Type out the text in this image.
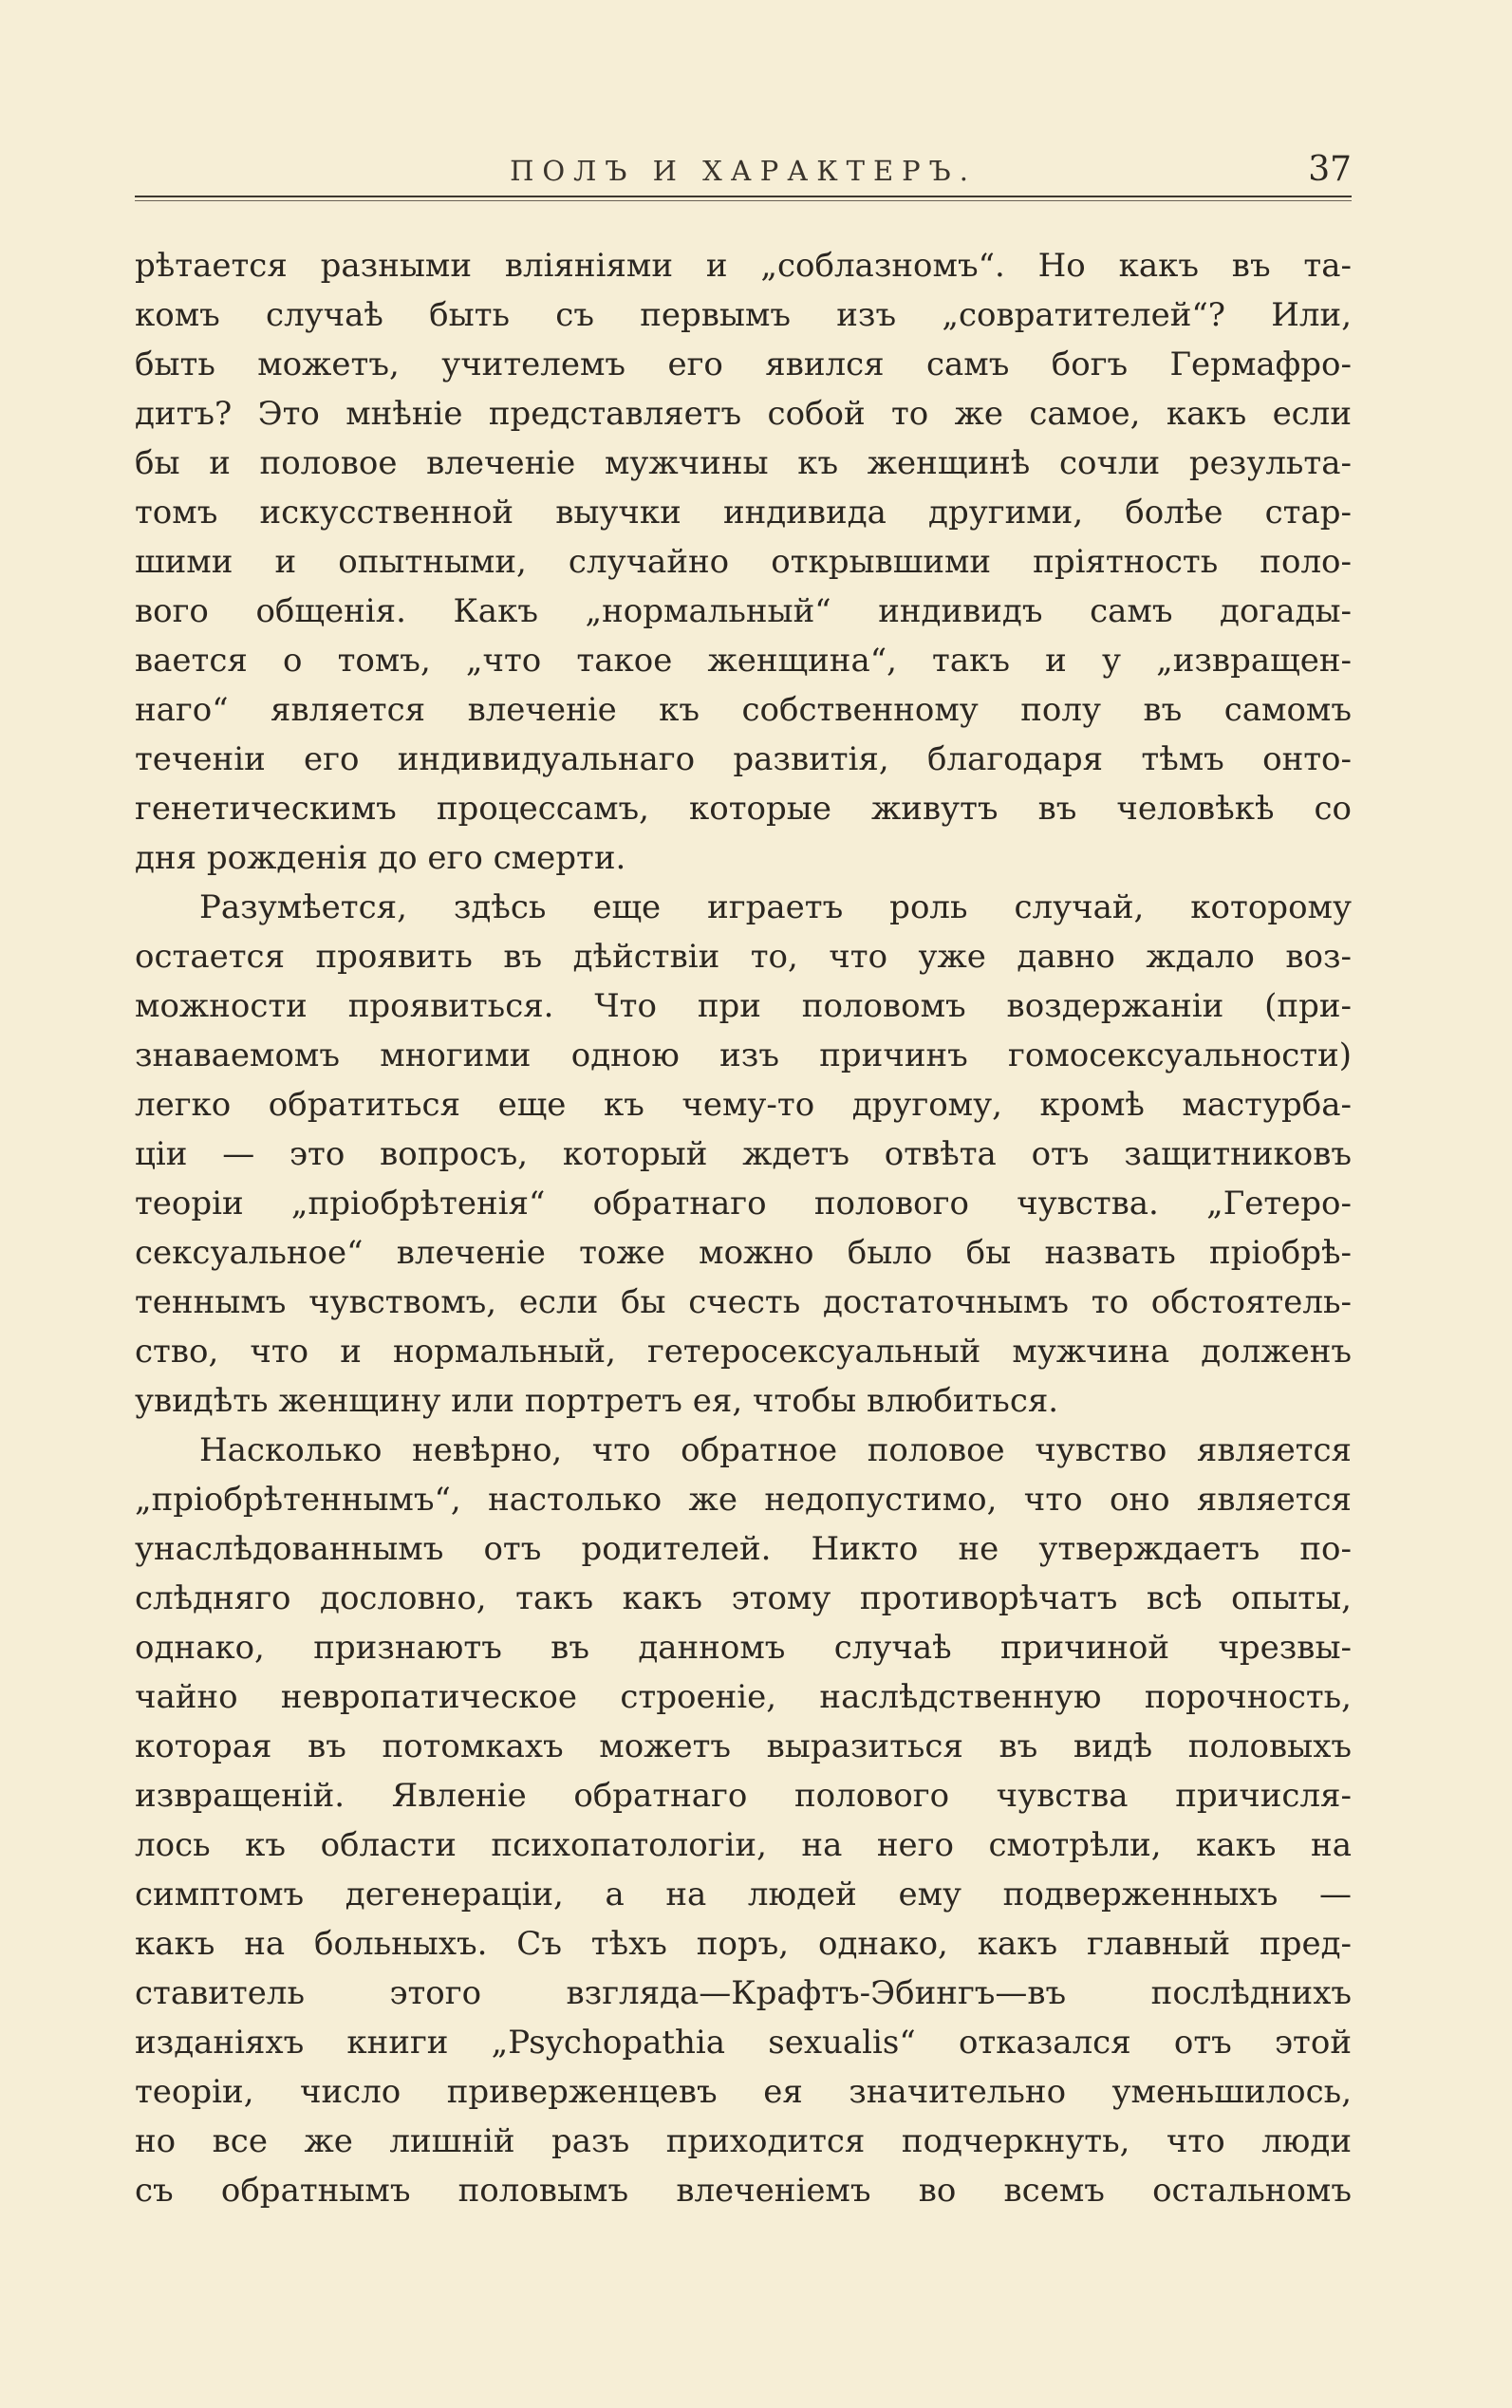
ПОЛЪ И ХАРАКТЕРЪ.	37
рѣтается разными вліяніями и „соблазномъ“. Но какъ въ та-
комъ случаѣ быть съ первымъ изъ „совратителей“? Или,
быть можетъ, учителемъ его явился самъ богъ Гермафро-
дитъ? Это мнѣніе представляетъ собой то же самое, какъ если
бы и половое влеченіе мужчины къ женщинѣ сочли результа-
томъ искусственной выучки индивида другими, болѣе стар-
шими и опытными, случайно открывшими пріятность поло-
вого общенія. Какъ „нормальный“ индивидъ самъ догады-
вается о томъ, „что такое женщина“, такъ и у „извращен-
наго“ является влеченіе къ собственному полу въ самомъ
теченіи его индивидуальнаго развитія, благодаря тѣмъ онто-
генетическимъ процессамъ, которые живутъ въ человѣкѣ со
дня рожденія до его смерти.
Разумѣется, здѣсь еще играетъ роль случай, которому
остается проявить въ дѣйствіи то, что уже давно ждало воз-
можности проявиться. Что при половомъ воздержаніи (при-
знаваемомъ многими одною изъ причинъ гомосексуальности)
легко обратиться еще къ чему-то другому, кромѣ мастурба-
ціи — это вопросъ, который ждетъ отвѣта отъ защитниковъ
теоріи „пріобрѣтенія“ обратнаго полового чувства. „Гетеро-
сексуальное“ влеченіе тоже можно было бы назвать пріобрѣ-
теннымъ чувствомъ, если бы счесть достаточнымъ то обстоятель-
ство, что и нормальный, гетеросексуальный мужчина долженъ
увидѣть женщину или портретъ ея, чтобы влюбиться.
Насколько невѣрно, что обратное половое чувство является
„пріобрѣтеннымъ“, настолько же недопустимо, что оно является
унаслѣдованнымъ отъ родителей. Никто не утверждаетъ по-
слѣдняго дословно, такъ какъ этому противорѣчатъ всѣ опыты,
однако, признаютъ въ данномъ случаѣ причиной чрезвы-
чайно невропатическое строеніе, наслѣдственную порочность,
которая въ потомкахъ можетъ выразиться въ видѣ половыхъ
извращеній. Явленіе обратнаго полового чувства причисля-
лось къ области психопатологіи, на него смотрѣли, какъ на
симптомъ дегенераціи, а на людей ему подверженныхъ —
какъ на больныхъ. Съ тѣхъ поръ, однако, какъ главный пред-
ставитель этого взгляда—Крафтъ-Эбингъ—въ послѣднихъ
изданіяхъ книги „Psychopathia sexualis“ отказался отъ этой
теоріи, число приверженцевъ ея значительно уменьшилось,
но все же лишній разъ приходится подчеркнуть, что люди
съ обратнымъ половымъ влеченіемъ во всемъ остальномъ
